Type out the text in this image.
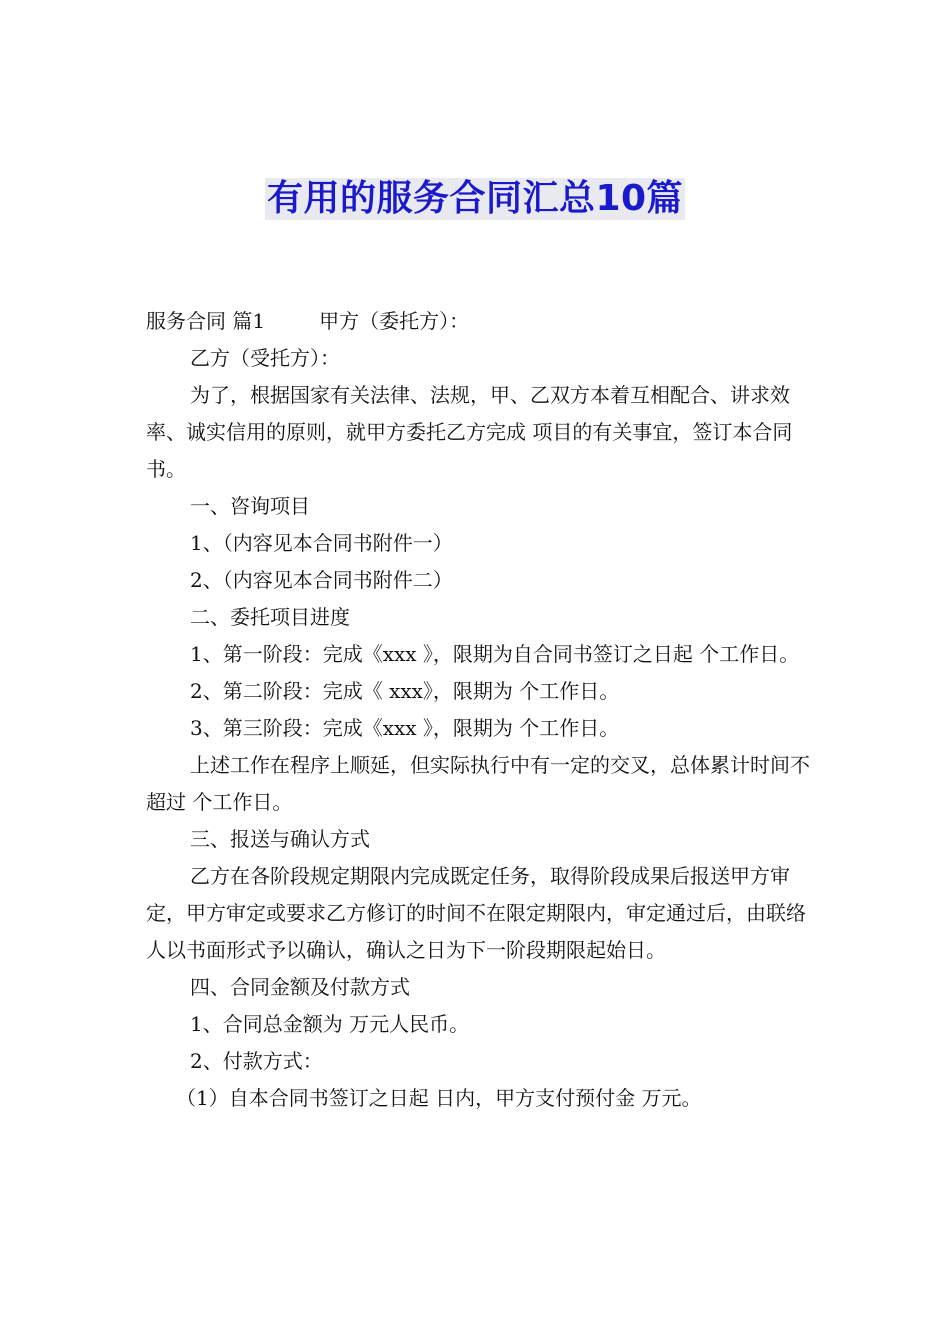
有用的服务合同汇总10篇

服务合同 篇1	甲方（委托方）：

乙方（受托方）：

为了，根据国家有关法律、法规，甲、乙双方本着互相配合、讲求效率、诚实信用的原则，就甲方委托乙方完成 项目的有关事宜，签订本合同书。

一、咨询项目

1、（内容见本合同书附件一）

2、（内容见本合同书附件二）

二、委托项目进度

1、第一阶段：完成《xxx 》，限期为自合同书签订之日起 个工作日。

2、第二阶段：完成《 xxx》，限期为 个工作日。

3、第三阶段：完成《xxx 》，限期为 个工作日。

上述工作在程序上顺延，但实际执行中有一定的交叉，总体累计时间不超过 个工作日。

三、报送与确认方式

乙方在各阶段规定期限内完成既定任务，取得阶段成果后报送甲方审定，甲方审定或要求乙方修订的时间不在限定期限内，审定通过后，由联络人以书面形式予以确认，确认之日为下一阶段期限起始日。

四、合同金额及付款方式

1、合同总金额为 万元人民币。

2、付款方式：

（1）自本合同书签订之日起 日内，甲方支付预付金 万元。
